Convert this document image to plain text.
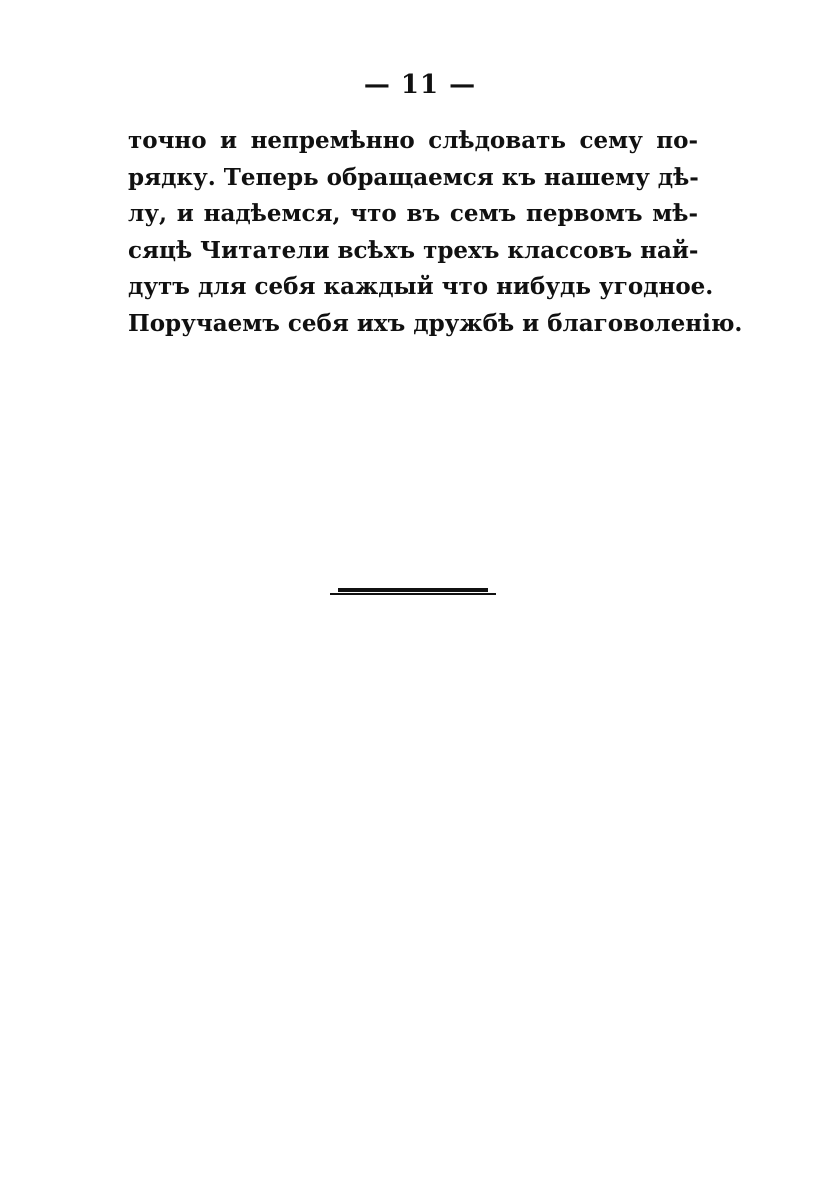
— 11 —

точно и непремѣнно слѣдовать сему по-
рядку. Теперь обращаемся къ нашему дѣ-
лу, и надѣемся, что въ семъ первомъ мѣ-
сяцѣ Читатели всѣхъ трехъ классовъ най-
дутъ для себя каждый что нибудь угодное.
Поручаемъ себя ихъ дружбѣ и благоволенію.
